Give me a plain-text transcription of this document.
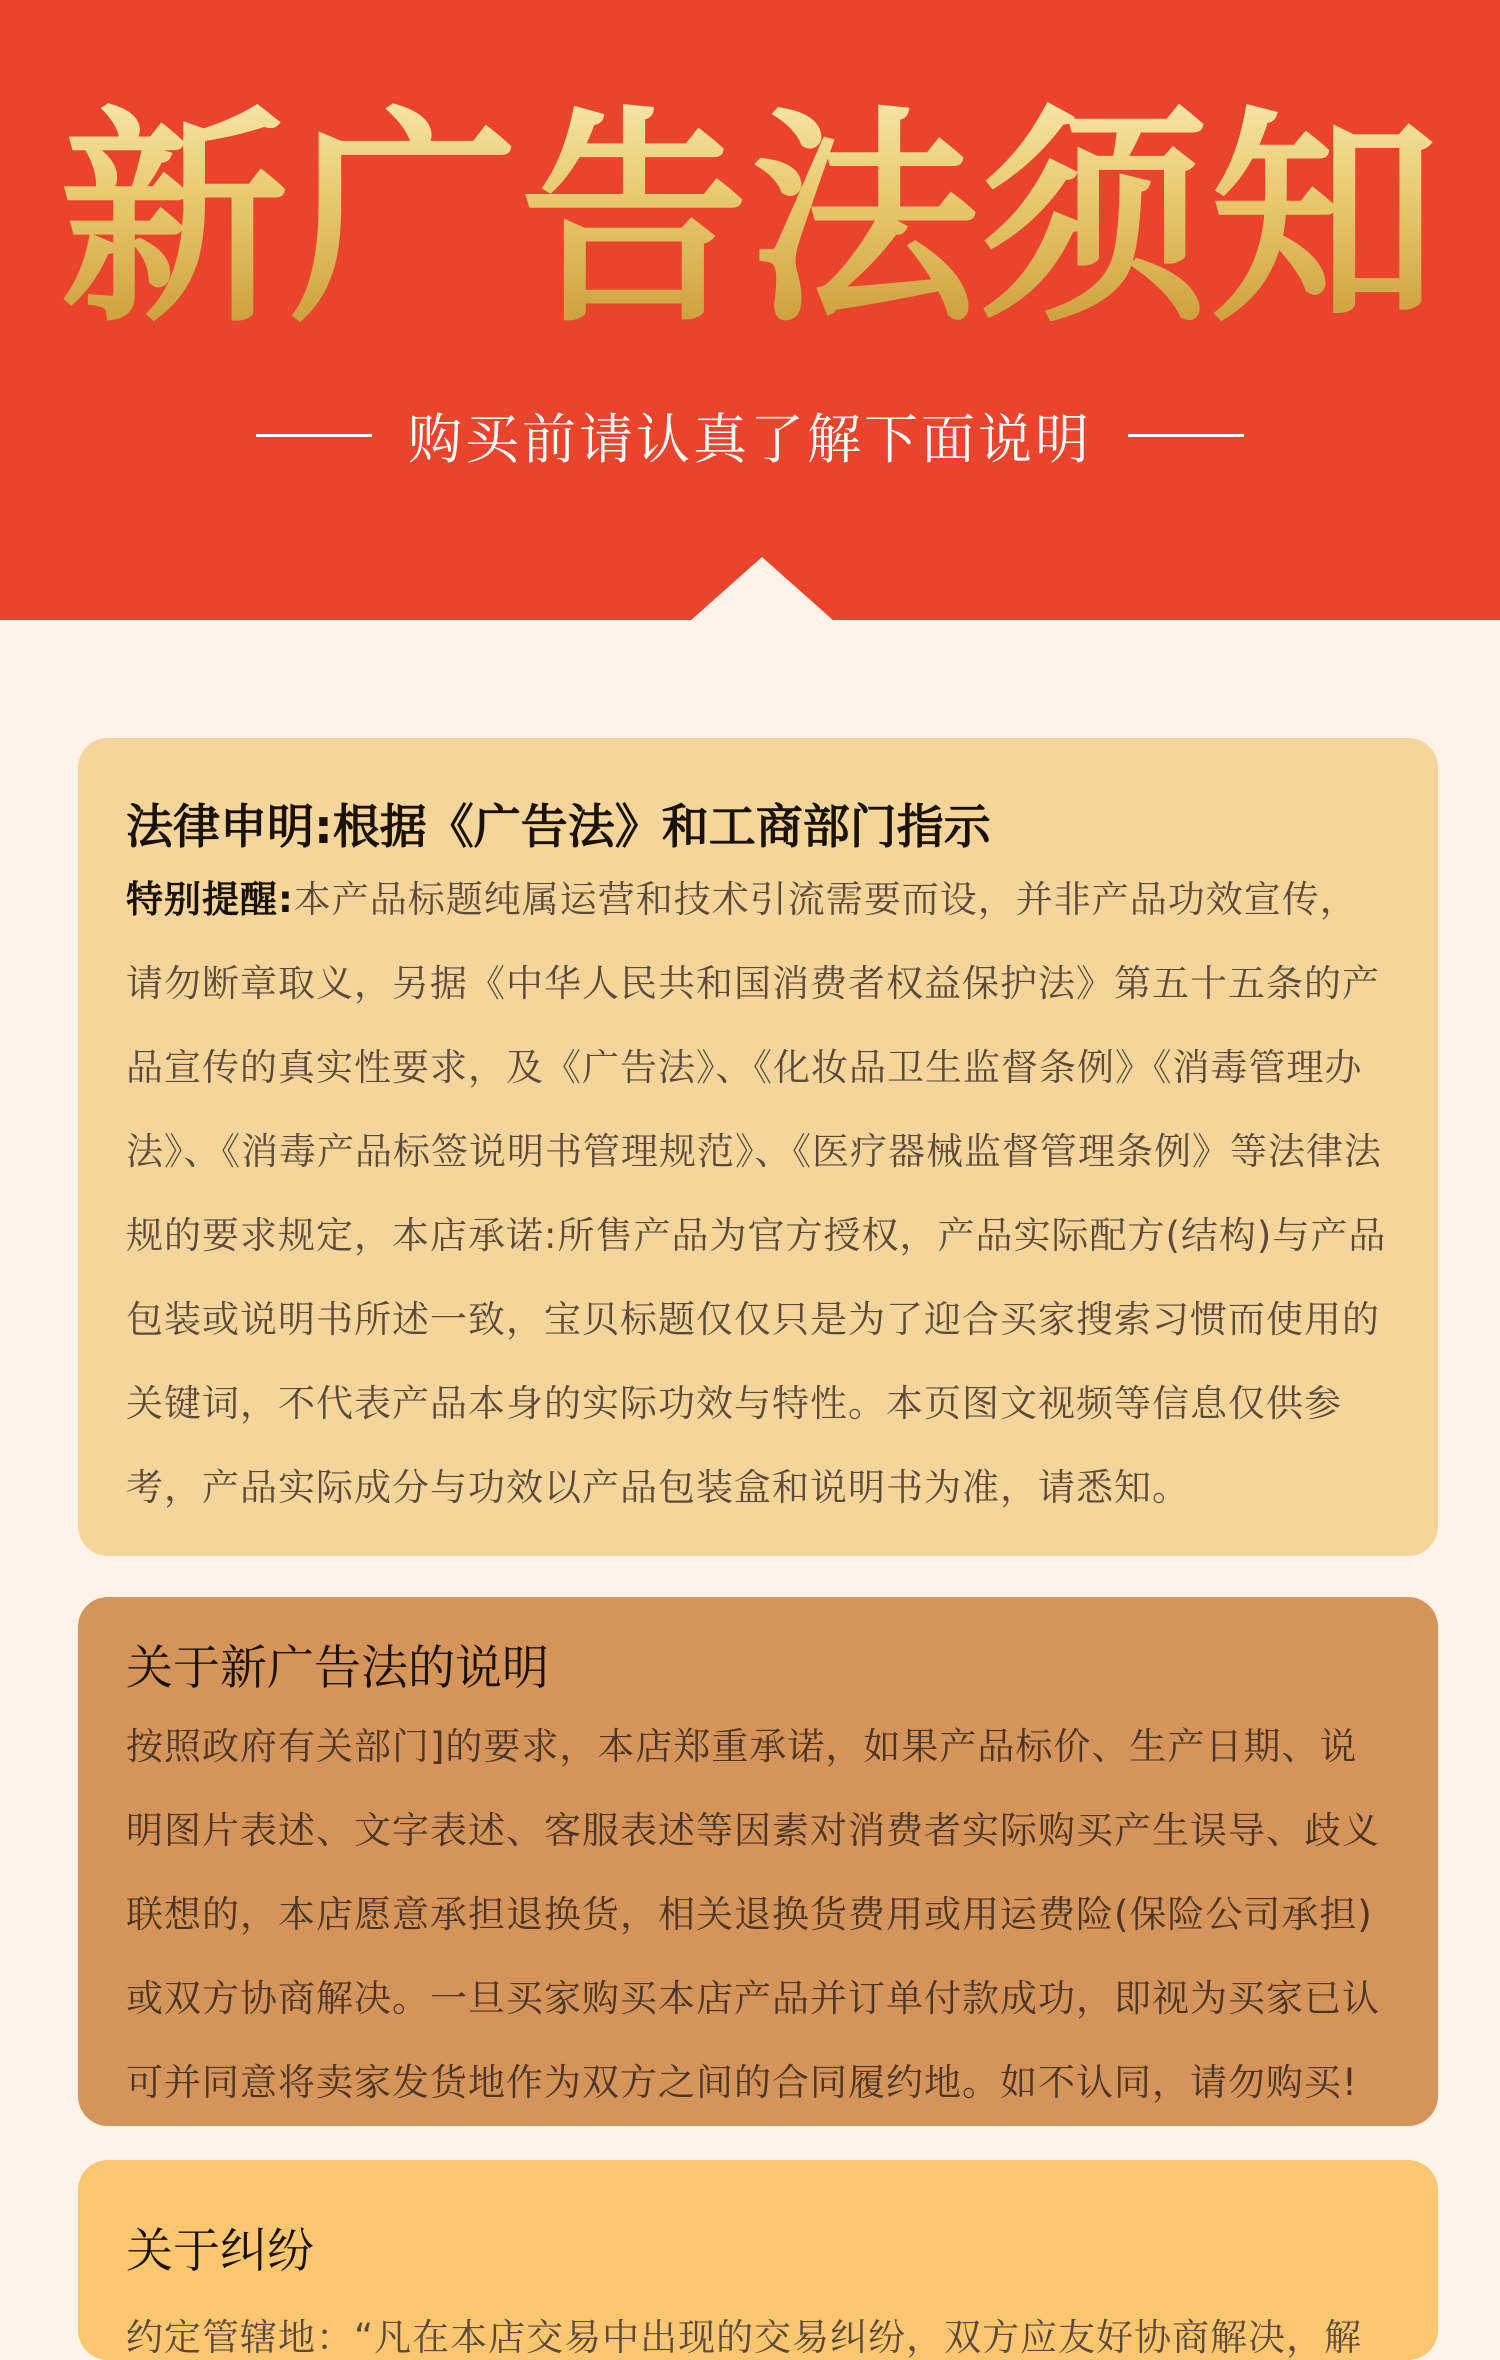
新广告法须知
购买前请认真了解下面说明
法律申明:根据《广告法》和工商部门指示

特别提醒:本产品标题纯属运营和技术引流需要而设，并非产品功效宣传，请勿断章取义，另据《中华人民共和国消费者权益保护法》第五十五条的产品宣传的真实性要求，及《广告法》、《化妆品卫生监督条例》《消毒管理办法》、《消毒产品标签说明书管理规范》、《医疗器械监督管理条例》等法律法规的要求规定，本店承诺:所售产品为官方授权，产品实际配方(结构)与产品包装或说明书所述一致，宝贝标题仅仅只是为了迎合买家搜索习惯而使用的关键词，不代表产品本身的实际功效与特性。本页图文视频等信息仅供参考，产品实际成分与功效以产品包装盒和说明书为准，请悉知。

关于新广告法的说明

按照政府有关部门]的要求，本店郑重承诺，如果产品标价、生产日期、说明图片表述、文字表述、客服表述等因素对消费者实际购买产生误导、歧义联想的，本店愿意承担退换货，相关退换货费用或用运费险(保险公司承担)或双方协商解决。一旦买家购买本店产品并订单付款成功，即视为买家已认可并同意将卖家发货地作为双方之间的合同履约地。如不认同，请勿购买!

关于纠纷

约定管辖地：“凡在本店交易中出现的交易纠纷，双方应友好协商解决，解
